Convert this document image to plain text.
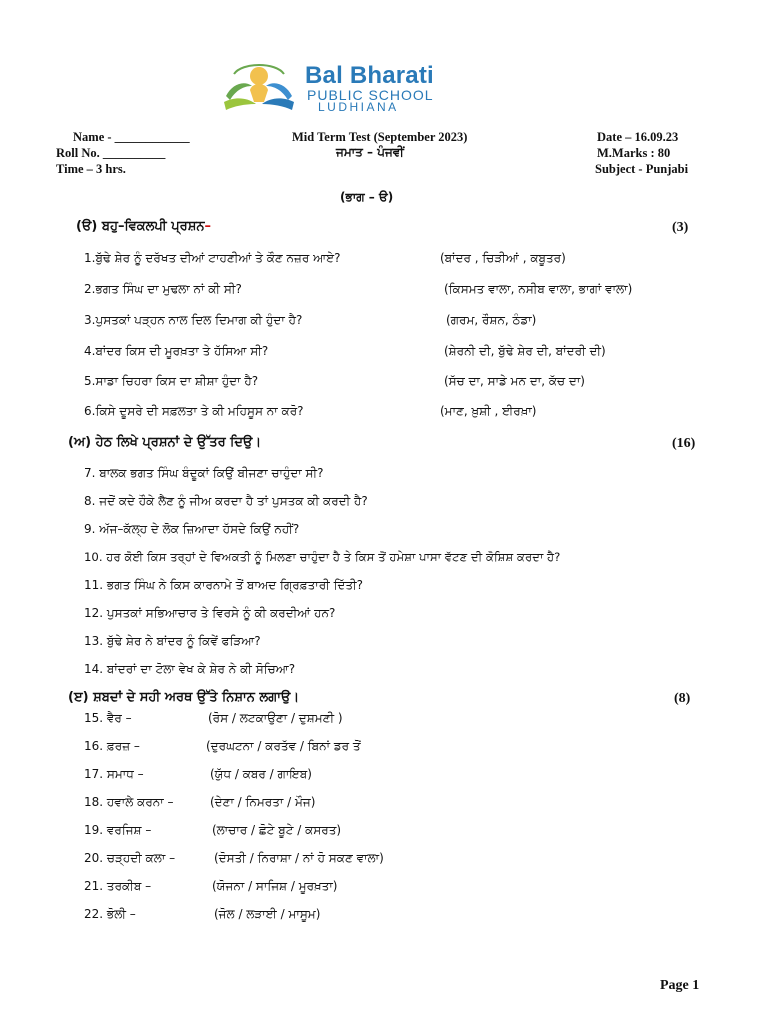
Bal Bharati
PUBLIC SCHOOL
LUDHIANA
Name - ____________
Roll No. __________
Time – 3 hrs.
Mid Term Test (September 2023)
ਜਮਾਤ – ਪੰਜਵੀਂ
Date – 16.09.23
M.Marks : 80
Subject - Punjabi
(ਭਾਗ – ੳ)
(ੳ) ਬਹੁ–ਵਿਕਲਪੀ ਪ੍ਰਸ਼ਨ–	(3)
1.ਬੁੱਢੇ ਸ਼ੇਰ ਨੂੰ ਦਰੱਖਤ ਦੀਆਂ ਟਾਹਣੀਆਂ ਤੇ ਕੌਣ ਨਜ਼ਰ ਆਏ?	(ਬਾਂਦਰ , ਚਿੜੀਆਂ , ਕਬੂਤਰ)
2.ਭਗਤ ਸਿੰਘ ਦਾ ਮੁਢਲਾ ਨਾਂ ਕੀ ਸੀ?	(ਕਿਸਮਤ ਵਾਲਾ, ਨਸੀਬ ਵਾਲਾ, ਭਾਗਾਂ ਵਾਲਾ)
3.ਪੁਸਤਕਾਂ ਪੜ੍ਹਨ ਨਾਲ ਦਿਲ ਦਿਮਾਗ ਕੀ ਹੁੰਦਾ ਹੈ?	(ਗਰਮ, ਰੌਸ਼ਨ, ਠੰਡਾ)
4.ਬਾਂਦਰ ਕਿਸ ਦੀ ਮੂਰਖ਼ਤਾ ਤੇ ਹੱਸਿਆ ਸੀ?	(ਸ਼ੇਰਨੀ ਦੀ, ਬੁੱਢੇ ਸ਼ੇਰ ਦੀ, ਬਾਂਦਰੀ ਦੀ)
5.ਸਾਡਾ ਚਿਹਰਾ ਕਿਸ ਦਾ ਸ਼ੀਸ਼ਾ ਹੁੰਦਾ ਹੈ?	(ਸੱਚ ਦਾ, ਸਾਡੇ ਮਨ ਦਾ, ਕੱਚ ਦਾ)
6.ਕਿਸੇ ਦੂਸਰੇ ਦੀ ਸਫ਼ਲਤਾ ਤੇ ਕੀ ਮਹਿਸੂਸ ਨਾ ਕਰੋ?	(ਮਾਣ, ਖ਼ੁਸ਼ੀ , ਈਰਖ਼ਾ)
(ਅ) ਹੇਠ ਲਿਖੇ ਪ੍ਰਸ਼ਨਾਂ ਦੇ ਉੱਤਰ ਦਿਉ।	(16)
7. ਬਾਲਕ ਭਗਤ ਸਿੰਘ ਬੰਦੂਕਾਂ ਕਿਉਂ ਬੀਜਣਾ ਚਾਹੁੰਦਾ ਸੀ?
8. ਜਦੋਂ ਕਦੇ ਹੌਕੇ ਲੈਣ ਨੂੰ ਜੀਅ ਕਰਦਾ ਹੈ ਤਾਂ ਪੁਸਤਕ ਕੀ ਕਰਦੀ ਹੈ?
9. ਅੱਜ–ਕੱਲ੍ਹ ਦੇ ਲੋਕ ਜ਼ਿਆਦਾ ਹੱਸਦੇ ਕਿਉਂ ਨਹੀਂ?
10. ਹਰ ਕੋਈ ਕਿਸ ਤਰ੍ਹਾਂ ਦੇ ਵਿਅਕਤੀ ਨੂੰ ਮਿਲਣਾ ਚਾਹੁੰਦਾ ਹੈ ਤੇ ਕਿਸ ਤੋਂ ਹਮੇਸ਼ਾ ਪਾਸਾ ਵੱਟਣ ਦੀ ਕੋਸ਼ਿਸ਼ ਕਰਦਾ ਹੈ?
11. ਭਗਤ ਸਿੰਘ ਨੇ ਕਿਸ ਕਾਰਨਾਮੇ ਤੋਂ ਬਾਅਦ ਗ੍ਰਿਫ਼ਤਾਰੀ ਦਿੱਤੀ?
12. ਪੁਸਤਕਾਂ ਸਭਿਆਚਾਰ ਤੇ ਵਿਰਸੇ ਨੂੰ ਕੀ ਕਰਦੀਆਂ ਹਨ?
13. ਬੁੱਢੇ ਸ਼ੇਰ ਨੇ ਬਾਂਦਰ ਨੂੰ ਕਿਵੇਂ ਫੜਿਆ?
14. ਬਾਂਦਰਾਂ ਦਾ ਟੋਲਾ ਵੇਖ ਕੇ ਸ਼ੇਰ ਨੇ ਕੀ ਸੋਚਿਆ?
(ੲ) ਸ਼ਬਦਾਂ ਦੇ ਸਹੀ ਅਰਥ ਉੱਤੇ ਨਿਸ਼ਾਨ ਲਗਾਉ।	(8)
15. ਵੈਰ –	(ਰੋਸ / ਲਟਕਾਉਣਾ / ਦੁਸ਼ਮਣੀ )
16. ਫ਼ਰਜ਼ –	(ਦੁਰਘਟਨਾ / ਕਰਤੱਵ / ਬਿਨਾਂ ਡਰ ਤੋਂ
17. ਸਮਾਧ –	(ਯੁੱਧ / ਕਬਰ / ਗਾਇਬ)
18. ਹਵਾਲੇ ਕਰਨਾ –	(ਦੇਣਾ / ਨਿਮਰਤਾ / ਮੌਜ)
19. ਵਰਜਿਸ਼ –	(ਲਾਚਾਰ / ਛੋਟੇ ਬੂਟੇ / ਕਸਰਤ)
20. ਚੜ੍ਹਦੀ ਕਲਾ –	(ਦੋਸਤੀ / ਨਿਰਾਸ਼ਾ / ਨਾਂ ਹੋ ਸਕਣ ਵਾਲਾ)
21. ਤਰਕੀਬ –	(ਯੋਜਨਾ / ਸਾਜਿਸ਼ / ਮੂਰਖ਼ਤਾ)
22. ਭੋਲੀ –	(ਜੋਲ / ਲੜਾਈ / ਮਾਸੂਮ)
Page 1
